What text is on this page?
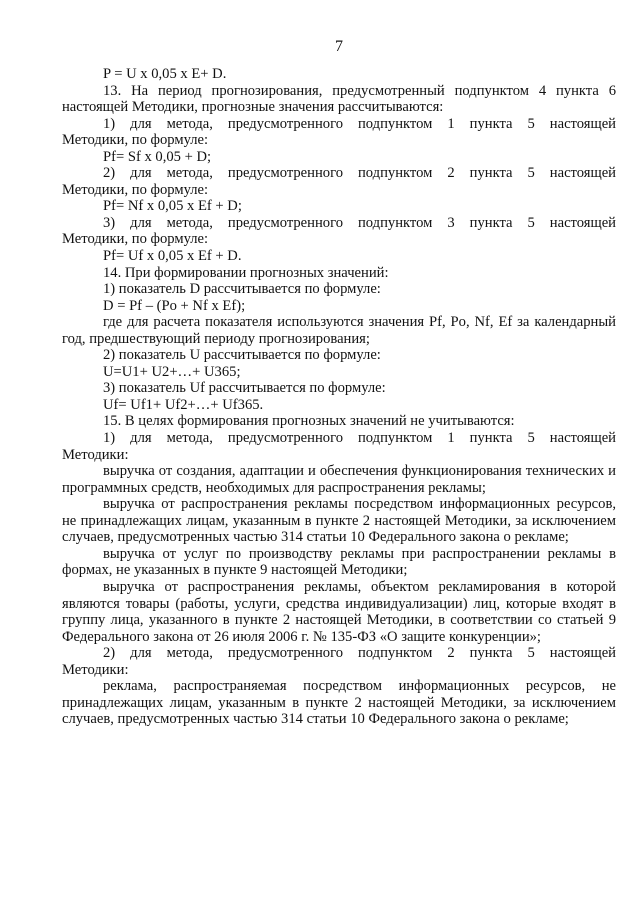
7

P = U x 0,05 x E+ D.

13. На период прогнозирования, предусмотренный подпунктом 4 пункта 6

настоящей Методики, прогнозные значения рассчитываются:

1) для метода, предусмотренного подпунктом 1 пункта 5 настоящей

Методики, по формуле:

Pf= Sf x 0,05 + D;

2) для метода, предусмотренного подпунктом 2 пункта 5 настоящей

Методики, по формуле:

Pf= Nf x 0,05 x Ef + D;

3) для метода, предусмотренного подпунктом 3 пункта 5 настоящей

Методики, по формуле:

Pf= Uf x 0,05 x Ef + D.

14. При формировании прогнозных значений:

1) показатель D рассчитывается по формуле:

D = Pf – (Po + Nf x Ef);

где для расчета показателя используются значения Pf, Po, Nf, Ef за календарный

год, предшествующий периоду прогнозирования;

2) показатель U рассчитывается по формуле:

U=U1+ U2+…+ U365;

3) показатель Uf рассчитывается по формуле:

Uf= Uf1+ Uf2+…+ Uf365.

15. В целях формирования прогнозных значений не учитываются:

1) для метода, предусмотренного подпунктом 1 пункта 5 настоящей

Методики:

выручка от создания, адаптации и обеспечения функционирования технических и программных средств, необходимых для распространения рекламы;

выручка от распространения рекламы посредством информационных ресурсов, не принадлежащих лицам, указанным в пункте 2 настоящей Методики, за исключением случаев, предусмотренных частью 314 статьи 10 Федерального закона о рекламе;

выручка от услуг по производству рекламы при распространении рекламы в формах, не указанных в пункте 9 настоящей Методики;

выручка от распространения рекламы, объектом рекламирования в которой являются товары (работы, услуги, средства индивидуализации) лиц, которые входят в группу лица, указанного в пункте 2 настоящей Методики, в соответствии со статьей 9 Федерального закона от 26 июля 2006 г. № 135-ФЗ «О защите конкуренции»;

2) для метода, предусмотренного подпунктом 2 пункта 5 настоящей

Методики:

реклама, распространяемая посредством информационных ресурсов, не принадлежащих лицам, указанным в пункте 2 настоящей Методики, за исключением случаев, предусмотренных частью 314 статьи 10 Федерального закона о рекламе;
